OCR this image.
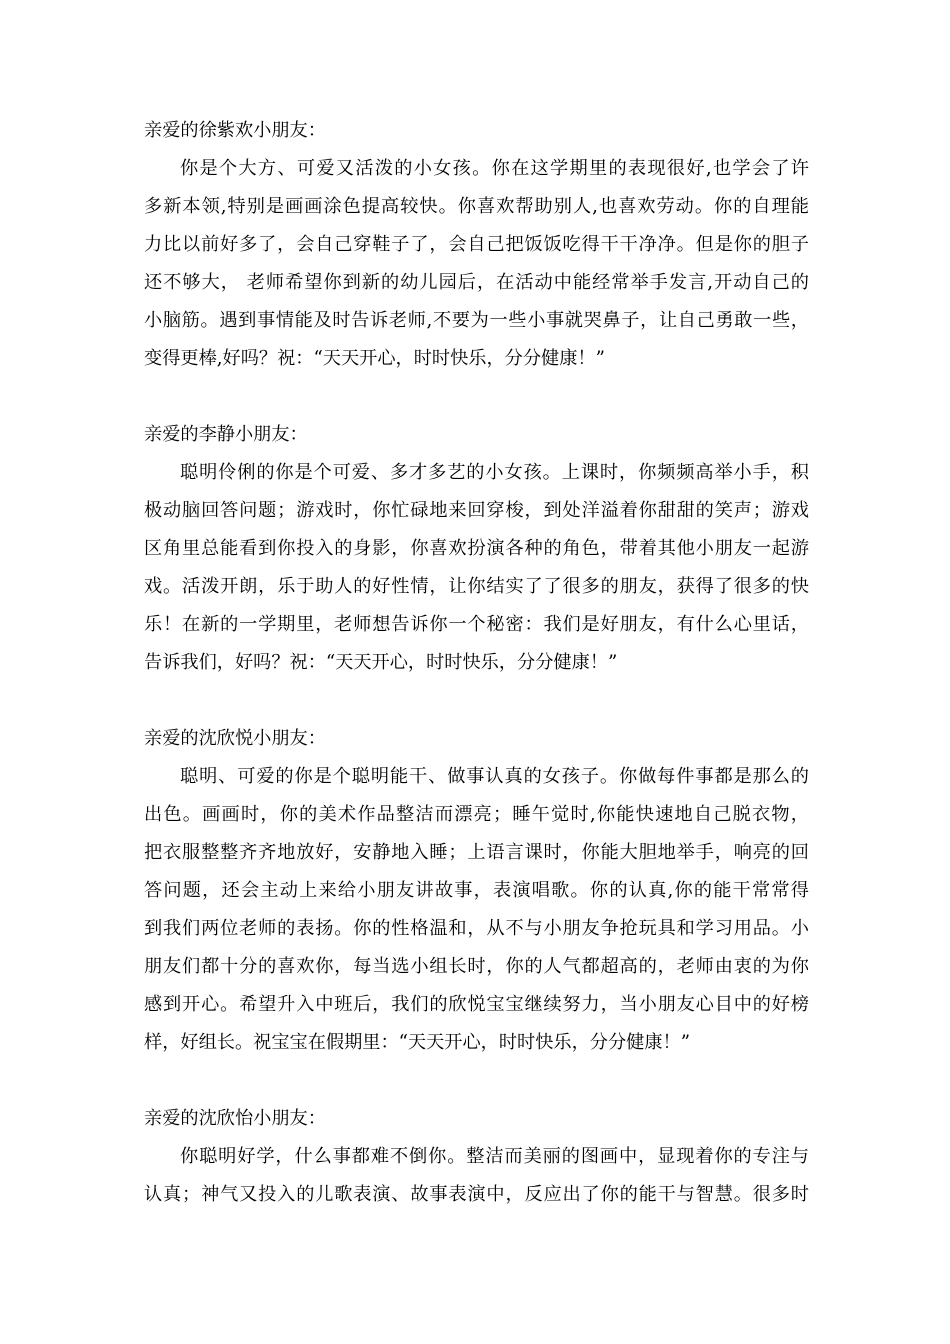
亲爱的徐紫欢小朋友：

你是个大方、可爱又活泼的小女孩。你在这学期里的表现很好,也学会了许

多新本领,特别是画画涂色提高较快。你喜欢帮助别人,也喜欢劳动。你的自理能

力比以前好多了，会自己穿鞋子了，会自己把饭饭吃得干干净净。但是你的胆子

还不够大， 老师希望你到新的幼儿园后，在活动中能经常举手发言,开动自己的

小脑筋。遇到事情能及时告诉老师,不要为一些小事就哭鼻子，让自己勇敢一些，

变得更棒,好吗？祝：“天天开心，时时快乐，分分健康！”

亲爱的李静小朋友：

聪明伶俐的你是个可爱、多才多艺的小女孩。上课时，你频频高举小手，积

极动脑回答问题；游戏时，你忙碌地来回穿梭，到处洋溢着你甜甜的笑声；游戏

区角里总能看到你投入的身影，你喜欢扮演各种的角色，带着其他小朋友一起游

戏。活泼开朗，乐于助人的好性情，让你结实了了很多的朋友，获得了很多的快

乐！在新的一学期里，老师想告诉你一个秘密：我们是好朋友，有什么心里话，

告诉我们，好吗？祝：“天天开心，时时快乐，分分健康！”

亲爱的沈欣悦小朋友：

聪明、可爱的你是个聪明能干、做事认真的女孩子。你做每件事都是那么的

出色。画画时，你的美术作品整洁而漂亮；睡午觉时,你能快速地自己脱衣物，

把衣服整整齐齐地放好，安静地入睡；上语言课时，你能大胆地举手，响亮的回

答问题，还会主动上来给小朋友讲故事，表演唱歌。你的认真,你的能干常常得

到我们两位老师的表扬。你的性格温和，从不与小朋友争抢玩具和学习用品。小

朋友们都十分的喜欢你，每当选小组长时，你的人气都超高的，老师由衷的为你

感到开心。希望升入中班后，我们的欣悦宝宝继续努力，当小朋友心目中的好榜

样，好组长。祝宝宝在假期里：“天天开心，时时快乐，分分健康！”

亲爱的沈欣怡小朋友：

你聪明好学，什么事都难不倒你。整洁而美丽的图画中，显现着你的专注与

认真；神气又投入的儿歌表演、故事表演中，反应出了你的能干与智慧。很多时
